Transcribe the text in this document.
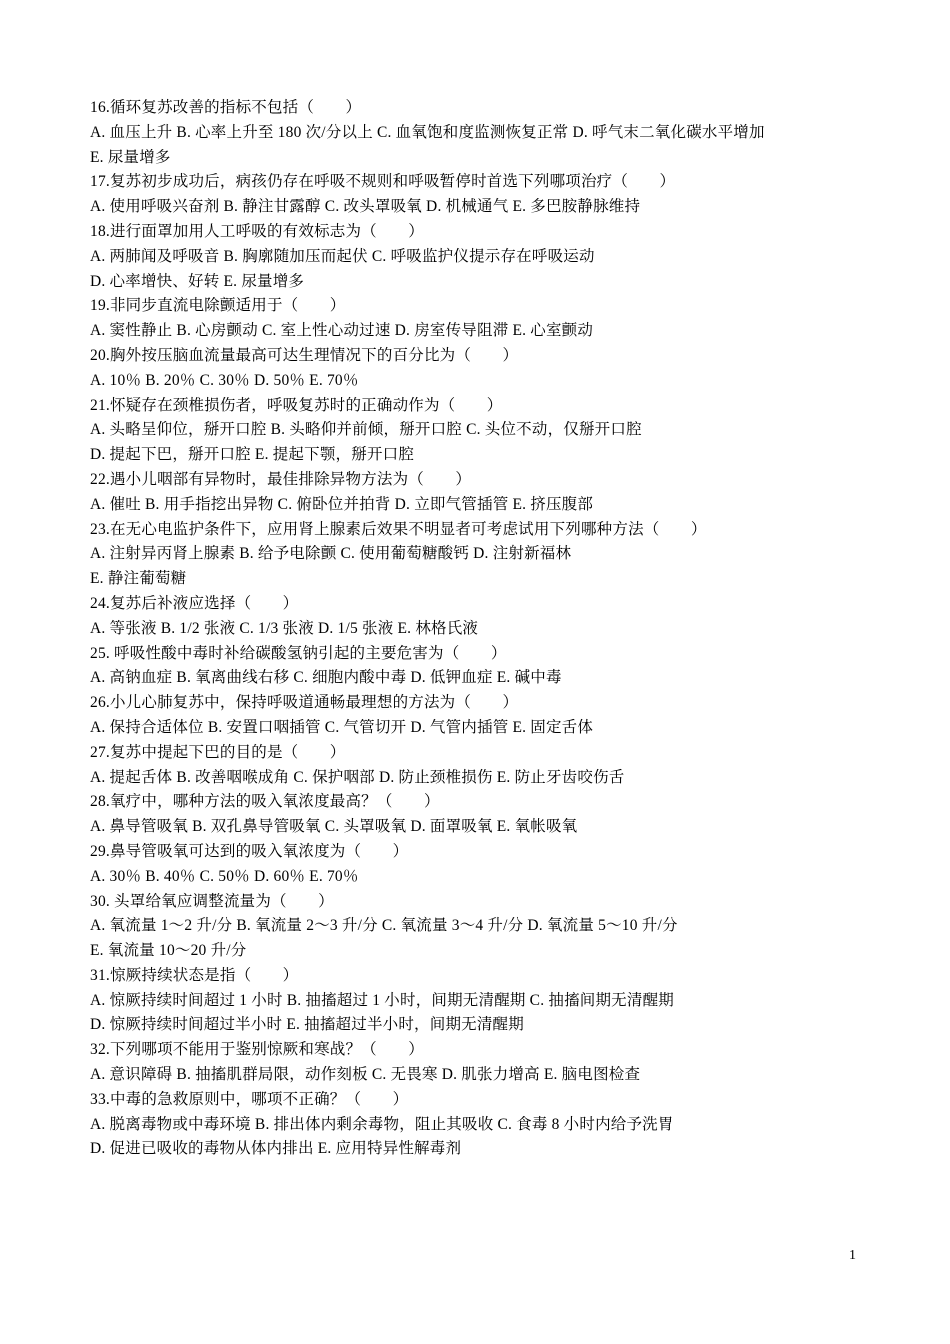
16.循环复苏改善的指标不包括（　　）
A. 血压上升 B. 心率上升至 180 次/分以上 C. 血氧饱和度监测恢复正常 D. 呼气末二氧化碳水平增加
E. 尿量增多
17.复苏初步成功后，病孩仍存在呼吸不规则和呼吸暂停时首选下列哪项治疗（　　）
A. 使用呼吸兴奋剂 B. 静注甘露醇 C. 改头罩吸氧 D. 机械通气 E. 多巴胺静脉维持
18.进行面罩加用人工呼吸的有效标志为（　　）
A. 两肺闻及呼吸音 B. 胸廓随加压而起伏 C. 呼吸监护仪提示存在呼吸运动
D. 心率增快、好转 E. 尿量增多
19.非同步直流电除颤适用于（　　）
A. 窦性静止 B. 心房颤动 C. 室上性心动过速 D. 房室传导阻滞 E. 心室颤动
20.胸外按压脑血流量最高可达生理情况下的百分比为（　　）
A. 10％ B. 20％ C. 30％ D. 50％ E. 70％
21.怀疑存在颈椎损伤者，呼吸复苏时的正确动作为（　　）
A. 头略呈仰位，掰开口腔 B. 头略仰并前倾，掰开口腔 C. 头位不动，仅掰开口腔
D. 提起下巴，掰开口腔 E. 提起下颚，掰开口腔
22.遇小儿咽部有异物时，最佳排除异物方法为（　　）
A. 催吐 B. 用手指挖出异物 C. 俯卧位并拍背 D. 立即气管插管 E. 挤压腹部
23.在无心电监护条件下，应用肾上腺素后效果不明显者可考虑试用下列哪种方法（　　）
A. 注射异丙肾上腺素 B. 给予电除颤 C. 使用葡萄糖酸钙 D. 注射新福林
E. 静注葡萄糖
24.复苏后补液应选择（　　）
A. 等张液 B. 1/2 张液 C. 1/3 张液 D. 1/5 张液 E. 林格氏液
25. 呼吸性酸中毒时补给碳酸氢钠引起的主要危害为（　　）
A. 高钠血症 B. 氧离曲线右移 C. 细胞内酸中毒 D. 低钾血症 E. 碱中毒
26.小儿心肺复苏中，保持呼吸道通畅最理想的方法为（　　）
A. 保持合适体位 B. 安置口咽插管 C. 气管切开 D. 气管内插管 E. 固定舌体
27.复苏中提起下巴的目的是（　　）
A. 提起舌体 B. 改善咽喉成角 C. 保护咽部 D. 防止颈椎损伤 E. 防止牙齿咬伤舌
28.氧疗中，哪种方法的吸入氧浓度最高？（　　）
A. 鼻导管吸氧 B. 双孔鼻导管吸氧 C. 头罩吸氧 D. 面罩吸氧 E. 氧帐吸氧
29.鼻导管吸氧可达到的吸入氧浓度为（　　）
A. 30％ B. 40％ C. 50％ D. 60％ E. 70％
30. 头罩给氧应调整流量为（　　）
A. 氧流量 1～2 升/分 B. 氧流量 2～3 升/分 C. 氧流量 3～4 升/分 D. 氧流量 5～10 升/分
E. 氧流量 10～20 升/分
31.惊厥持续状态是指（　　）
A. 惊厥持续时间超过 1 小时 B. 抽搐超过 1 小时，间期无清醒期 C. 抽搐间期无清醒期
D. 惊厥持续时间超过半小时 E. 抽搐超过半小时，间期无清醒期
32.下列哪项不能用于鉴别惊厥和寒战？（　　）
A. 意识障碍 B. 抽搐肌群局限，动作刻板 C. 无畏寒 D. 肌张力增高 E. 脑电图检查
33.中毒的急救原则中，哪项不正确？（　　）
A. 脱离毒物或中毒环境 B. 排出体内剩余毒物，阻止其吸收 C. 食毒 8 小时内给予洗胃
D. 促进已吸收的毒物从体内排出 E. 应用特异性解毒剂
1
